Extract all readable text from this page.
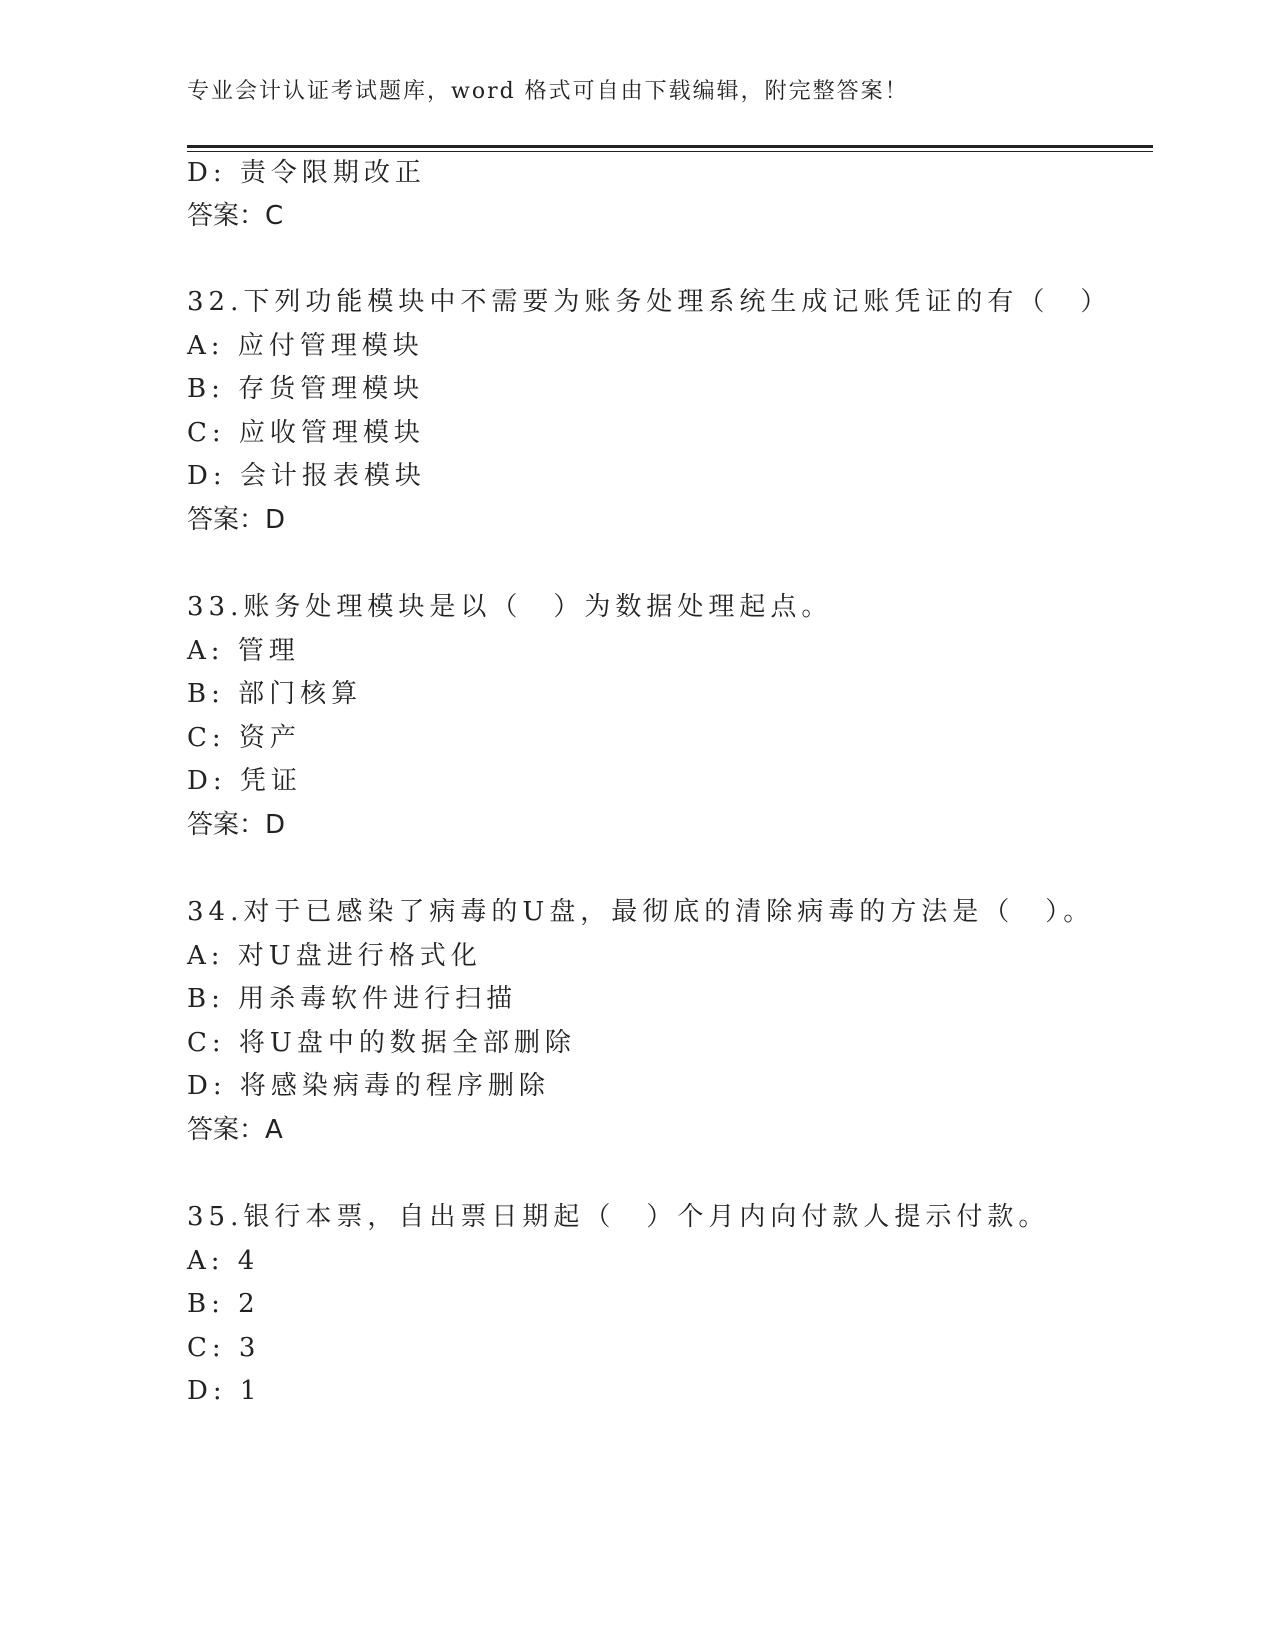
专业会计认证考试题库，word 格式可自由下载编辑，附完整答案！
D: 责令限期改正
答案：C
32.下列功能模块中不需要为账务处理系统生成记账凭证的有（　）
A: 应付管理模块
B: 存货管理模块
C: 应收管理模块
D: 会计报表模块
答案：D
33.账务处理模块是以（　）为数据处理起点。
A: 管理
B: 部门核算
C: 资产
D: 凭证
答案：D
34.对于已感染了病毒的U盘，最彻底的清除病毒的方法是（　）。
A: 对U盘进行格式化
B: 用杀毒软件进行扫描
C: 将U盘中的数据全部删除
D: 将感染病毒的程序删除
答案：A
35.银行本票，自出票日期起（　）个月内向付款人提示付款。
A: 4
B: 2
C: 3
D: 1
